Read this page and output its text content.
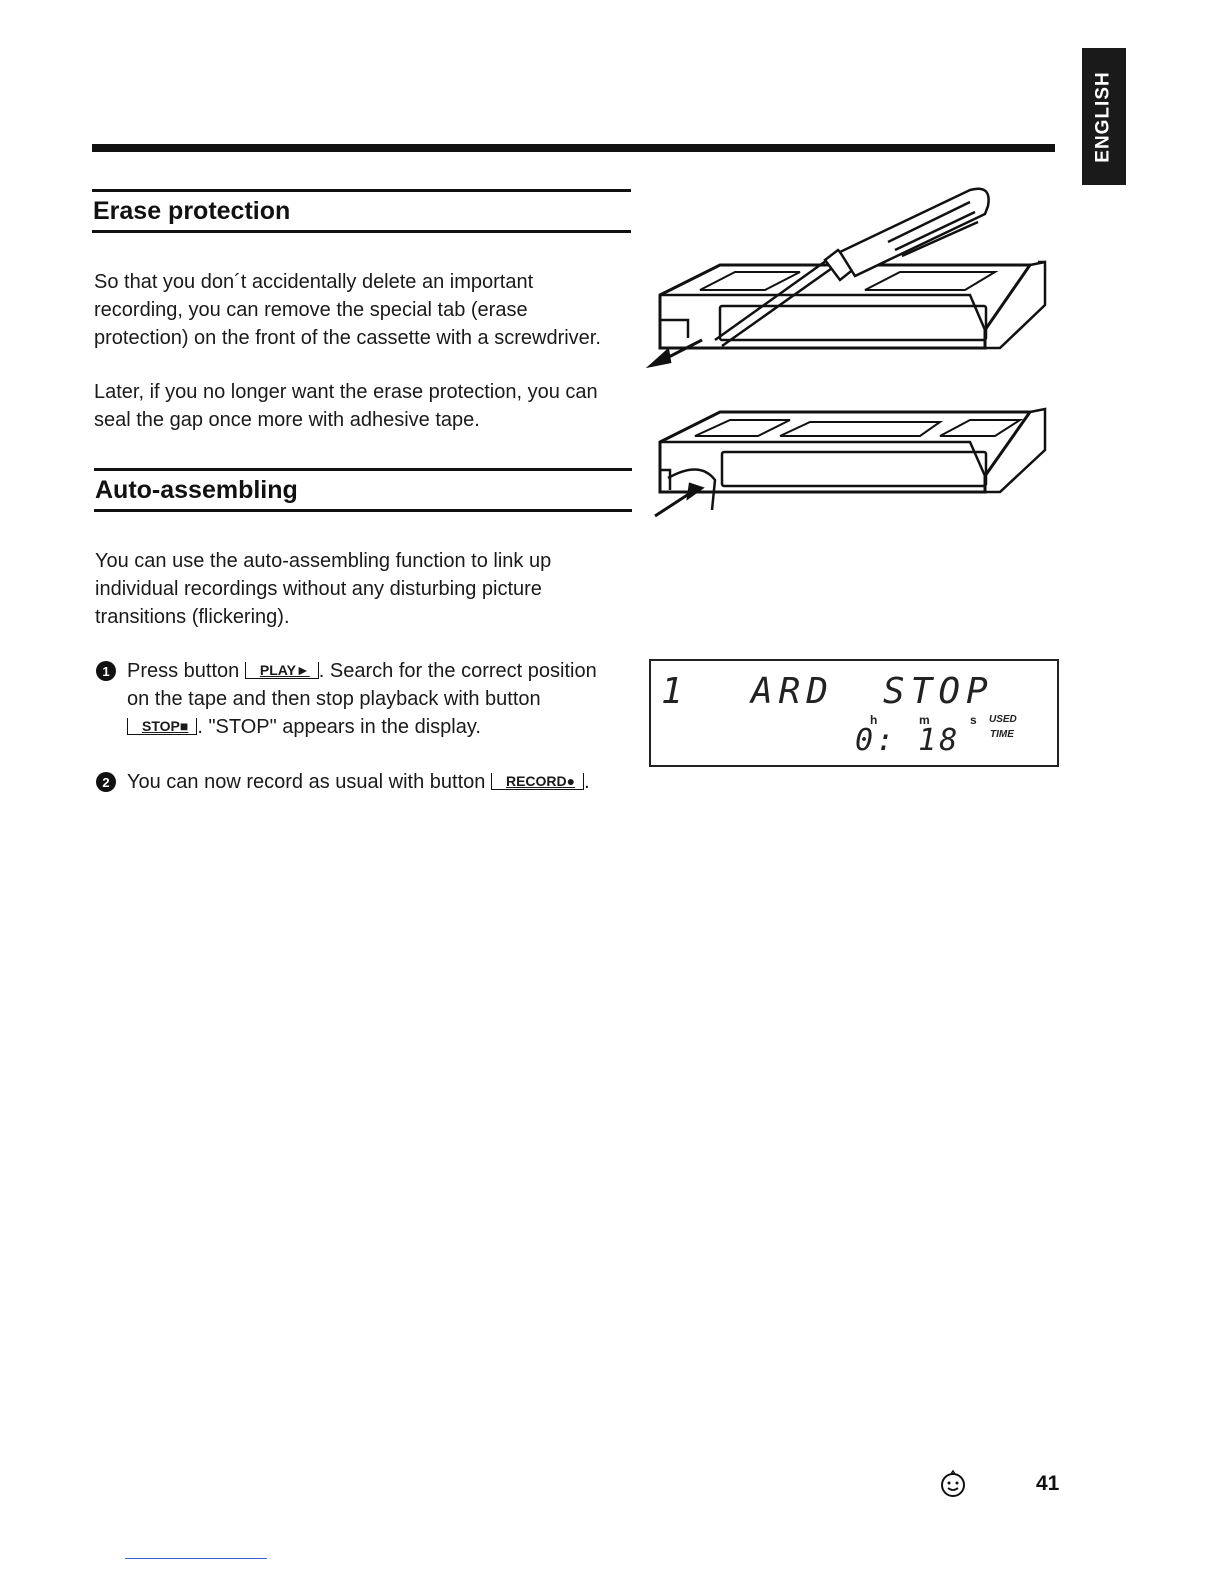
ENGLISH
Erase protection
So that you don´t accidentally delete an important
recording, you can remove the special tab (erase
protection) on the front of the cassette with a screwdriver.
Later, if you no longer want the erase protection, you can
seal the gap once more with adhesive tape.
Auto-assembling
You can use the auto-assembling function to link up
individual recordings without any disturbing picture
transitions (flickering).
1 Press button PLAY► . Search for the correct position
on the tape and then stop playback with button
STOP■ . "STOP" appears in the display.
2 You can now record as usual with button RECORD● .
1 ARD STOP
h	m	s USED
TIME
0: 18
41
